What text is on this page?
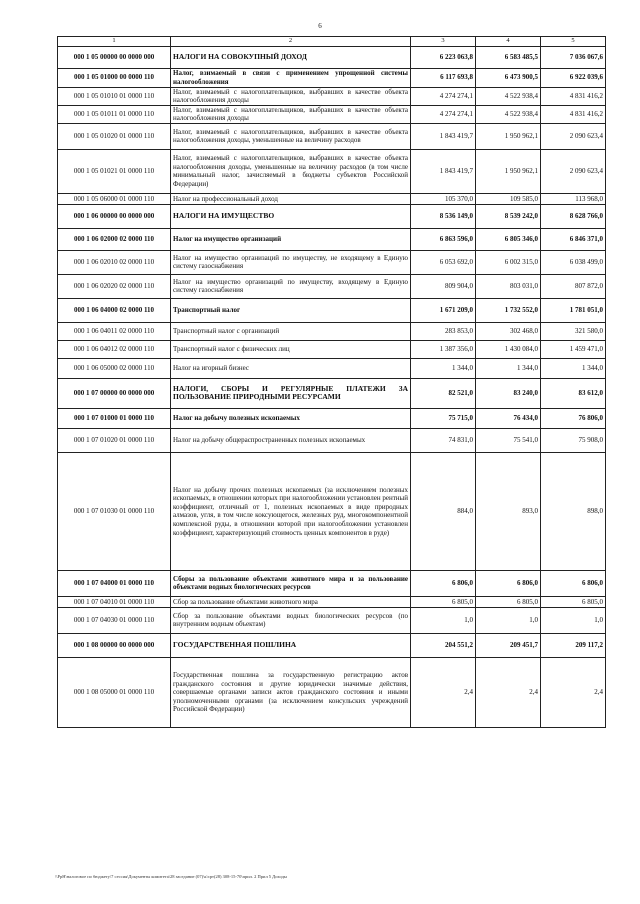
6
1	2	3	4	5
000 1 05 00000 00 0000 000	НАЛОГИ НА СОВОКУПНЫЙ ДОХОД	6 223 063,8	6 583 485,5	7 036 067,6
000 1 05 01000 00 0000 110	Налог, взимаемый в связи с применением упрощенной системы налогообложения	6 117 693,8	6 473 900,5	6 922 039,6
000 1 05 01010 01 0000 110	Налог, взимаемый с налогоплательщиков, выбравших в качестве объекта налогообложения доходы	4 274 274,1	4 522 938,4	4 831 416,2
000 1 05 01011 01 0000 110	Налог, взимаемый с налогоплательщиков, выбравших в качестве объекта налогообложения доходы	4 274 274,1	4 522 938,4	4 831 416,2
000 1 05 01020 01 0000 110	Налог, взимаемый с налогоплательщиков, выбравших в качестве объекта налогообложения доходы, уменьшенные на величину расходов	1 843 419,7	1 950 962,1	2 090 623,4
000 1 05 01021 01 0000 110	Налог, взимаемый с налогоплательщиков, выбравших в качестве объекта налогообложения доходы, уменьшенные на величину расходов (в том числе минимальный налог, зачисляемый в бюджеты субъектов Российской Федерации)	1 843 419,7	1 950 962,1	2 090 623,4
000 1 05 06000 01 0000 110	Налог на профессиональный доход	105 370,0	109 585,0	113 968,0
000 1 06 00000 00 0000 000	НАЛОГИ НА ИМУЩЕСТВО	8 536 149,0	8 539 242,0	8 628 766,0
000 1 06 02000 02 0000 110	Налог на имущество организаций	6 863 596,0	6 805 346,0	6 846 371,0
000 1 06 02010 02 0000 110	Налог на имущество организаций по имуществу, не входящему в Единую систему газоснабжения	6 053 692,0	6 002 315,0	6 038 499,0
000 1 06 02020 02 0000 110	Налог на имущество организаций по имуществу, входящему в Единую систему газоснабжения	809 904,0	803 031,0	807 872,0
000 1 06 04000 02 0000 110	Транспортный налог	1 671 209,0	1 732 552,0	1 781 051,0
000 1 06 04011 02 0000 110	Транспортный налог с организаций	283 853,0	302 468,0	321 580,0
000 1 06 04012 02 0000 110	Транспортный налог с физических лиц	1 387 356,0	1 430 084,0	1 459 471,0
000 1 06 05000 02 0000 110	Налог на игорный бизнес	1 344,0	1 344,0	1 344,0
000 1 07 00000 00 0000 000	НАЛОГИ, СБОРЫ И РЕГУЛЯРНЫЕ ПЛАТЕЖИ ЗА ПОЛЬЗОВАНИЕ ПРИРОДНЫМИ РЕСУРСАМИ	82 521,0	83 240,0	83 612,0
000 1 07 01000 01 0000 110	Налог на добычу полезных ископаемых	75 715,0	76 434,0	76 806,0
000 1 07 01020 01 0000 110	Налог на добычу общераспространенных полезных ископаемых	74 831,0	75 541,0	75 908,0
000 1 07 01030 01 0000 110	Налог на добычу прочих полезных ископаемых (за исключением полезных ископаемых, в отношении которых при налогообложении установлен рентный коэффициент, отличный от 1, полезных ископаемых в виде природных алмазов, угля, в том числе коксующегося, железных руд, многокомпонентной комплексной руды, в отношении которой при налогообложении установлен коэффициент, характеризующий стоимость ценных компонентов в руде)	884,0	893,0	898,0
000 1 07 04000 01 0000 110	Сборы за пользование объектами животного мира и за пользование объектами водных биологических ресурсов	6 806,0	6 806,0	6 806,0
000 1 07 04010 01 0000 110	Сбор за пользование объектами животного мира	6 805,0	6 805,0	6 805,0
000 1 07 04030 01 0000 110	Сбор за пользование объектами водных биологических ресурсов (по внутренним водным объектам)	1,0	1,0	1,0
000 1 08 00000 00 0000 000	ГОСУДАРСТВЕННАЯ ПОШЛИНА	204 551,2	209 451,7	209 117,2
000 1 08 05000 01 0000 110	Государственная пошлина за государственную регистрацию актов гражданского состояния и другие юридически значимые действия, совершаемые органами записи актов гражданского состояния и иными уполномоченными органами (за исключением консульских учреждений Российской Федерации)	2,4	2,4	2,4
\\РрН\налоговое по бюджету\7 сессия\Документы комитета\28 заседание (07)\к\срт(28) 308-15-70\прил. 2 Прил 5 Доходы
